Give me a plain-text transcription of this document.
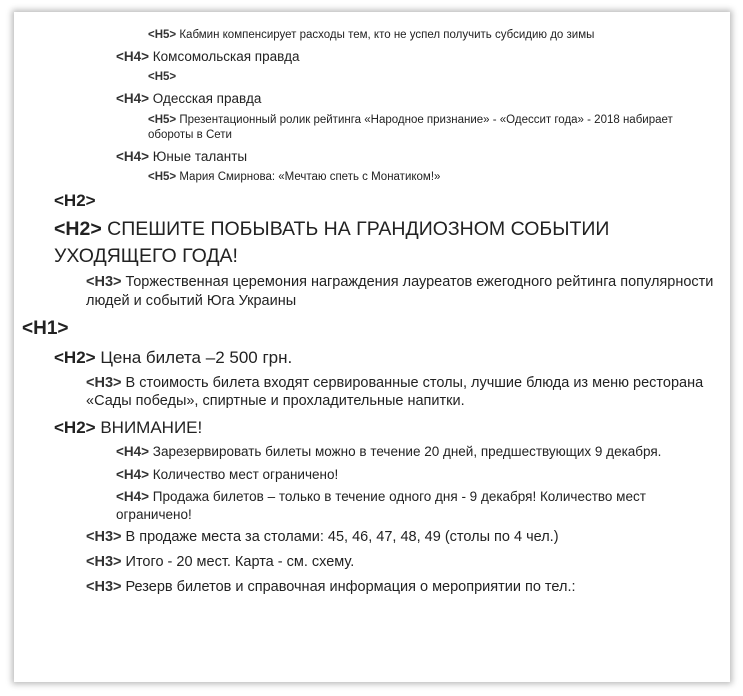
<H5> Кабмин компенсирует расходы тем, кто не успел получить субсидию до зимы
<H4> Комсомольская правда
<H5>
<H4> Одесская правда
<H5> Презентационный ролик рейтинга «Народное признание» - «Одессит года» - 2018 набирает обороты в Сети
<H4> Юные таланты
<H5> Мария Смирнова: «Мечтаю спеть с Монатиком!»
<H2>
<H2> СПЕШИТЕ ПОБЫВАТЬ НА ГРАНДИОЗНОМ СОБЫТИИ УХОДЯЩЕГО ГОДА!
<H3> Торжественная церемония награждения лауреатов ежегодного рейтинга популярности людей и событий Юга Украины
<H1>
<H2> Цена билета –2 500 грн.
<H3> В стоимость билета входят сервированные столы, лучшие блюда из меню ресторана «Сады победы», спиртные и прохладительные напитки.
<H2> ВНИМАНИЕ!
<H4> Зарезервировать билеты можно в течение 20 дней, предшествующих 9 декабря.
<H4> Количество мест ограничено!
<H4> Продажа билетов – только в течение одного дня - 9 декабря! Количество мест ограничено!
<H3> В продаже места за столами: 45, 46, 47, 48, 49 (столы по 4 чел.)
<H3> Итого - 20 мест. Карта - см. схему.
<H3> Резерв билетов и справочная информация о мероприятии по тел.:
